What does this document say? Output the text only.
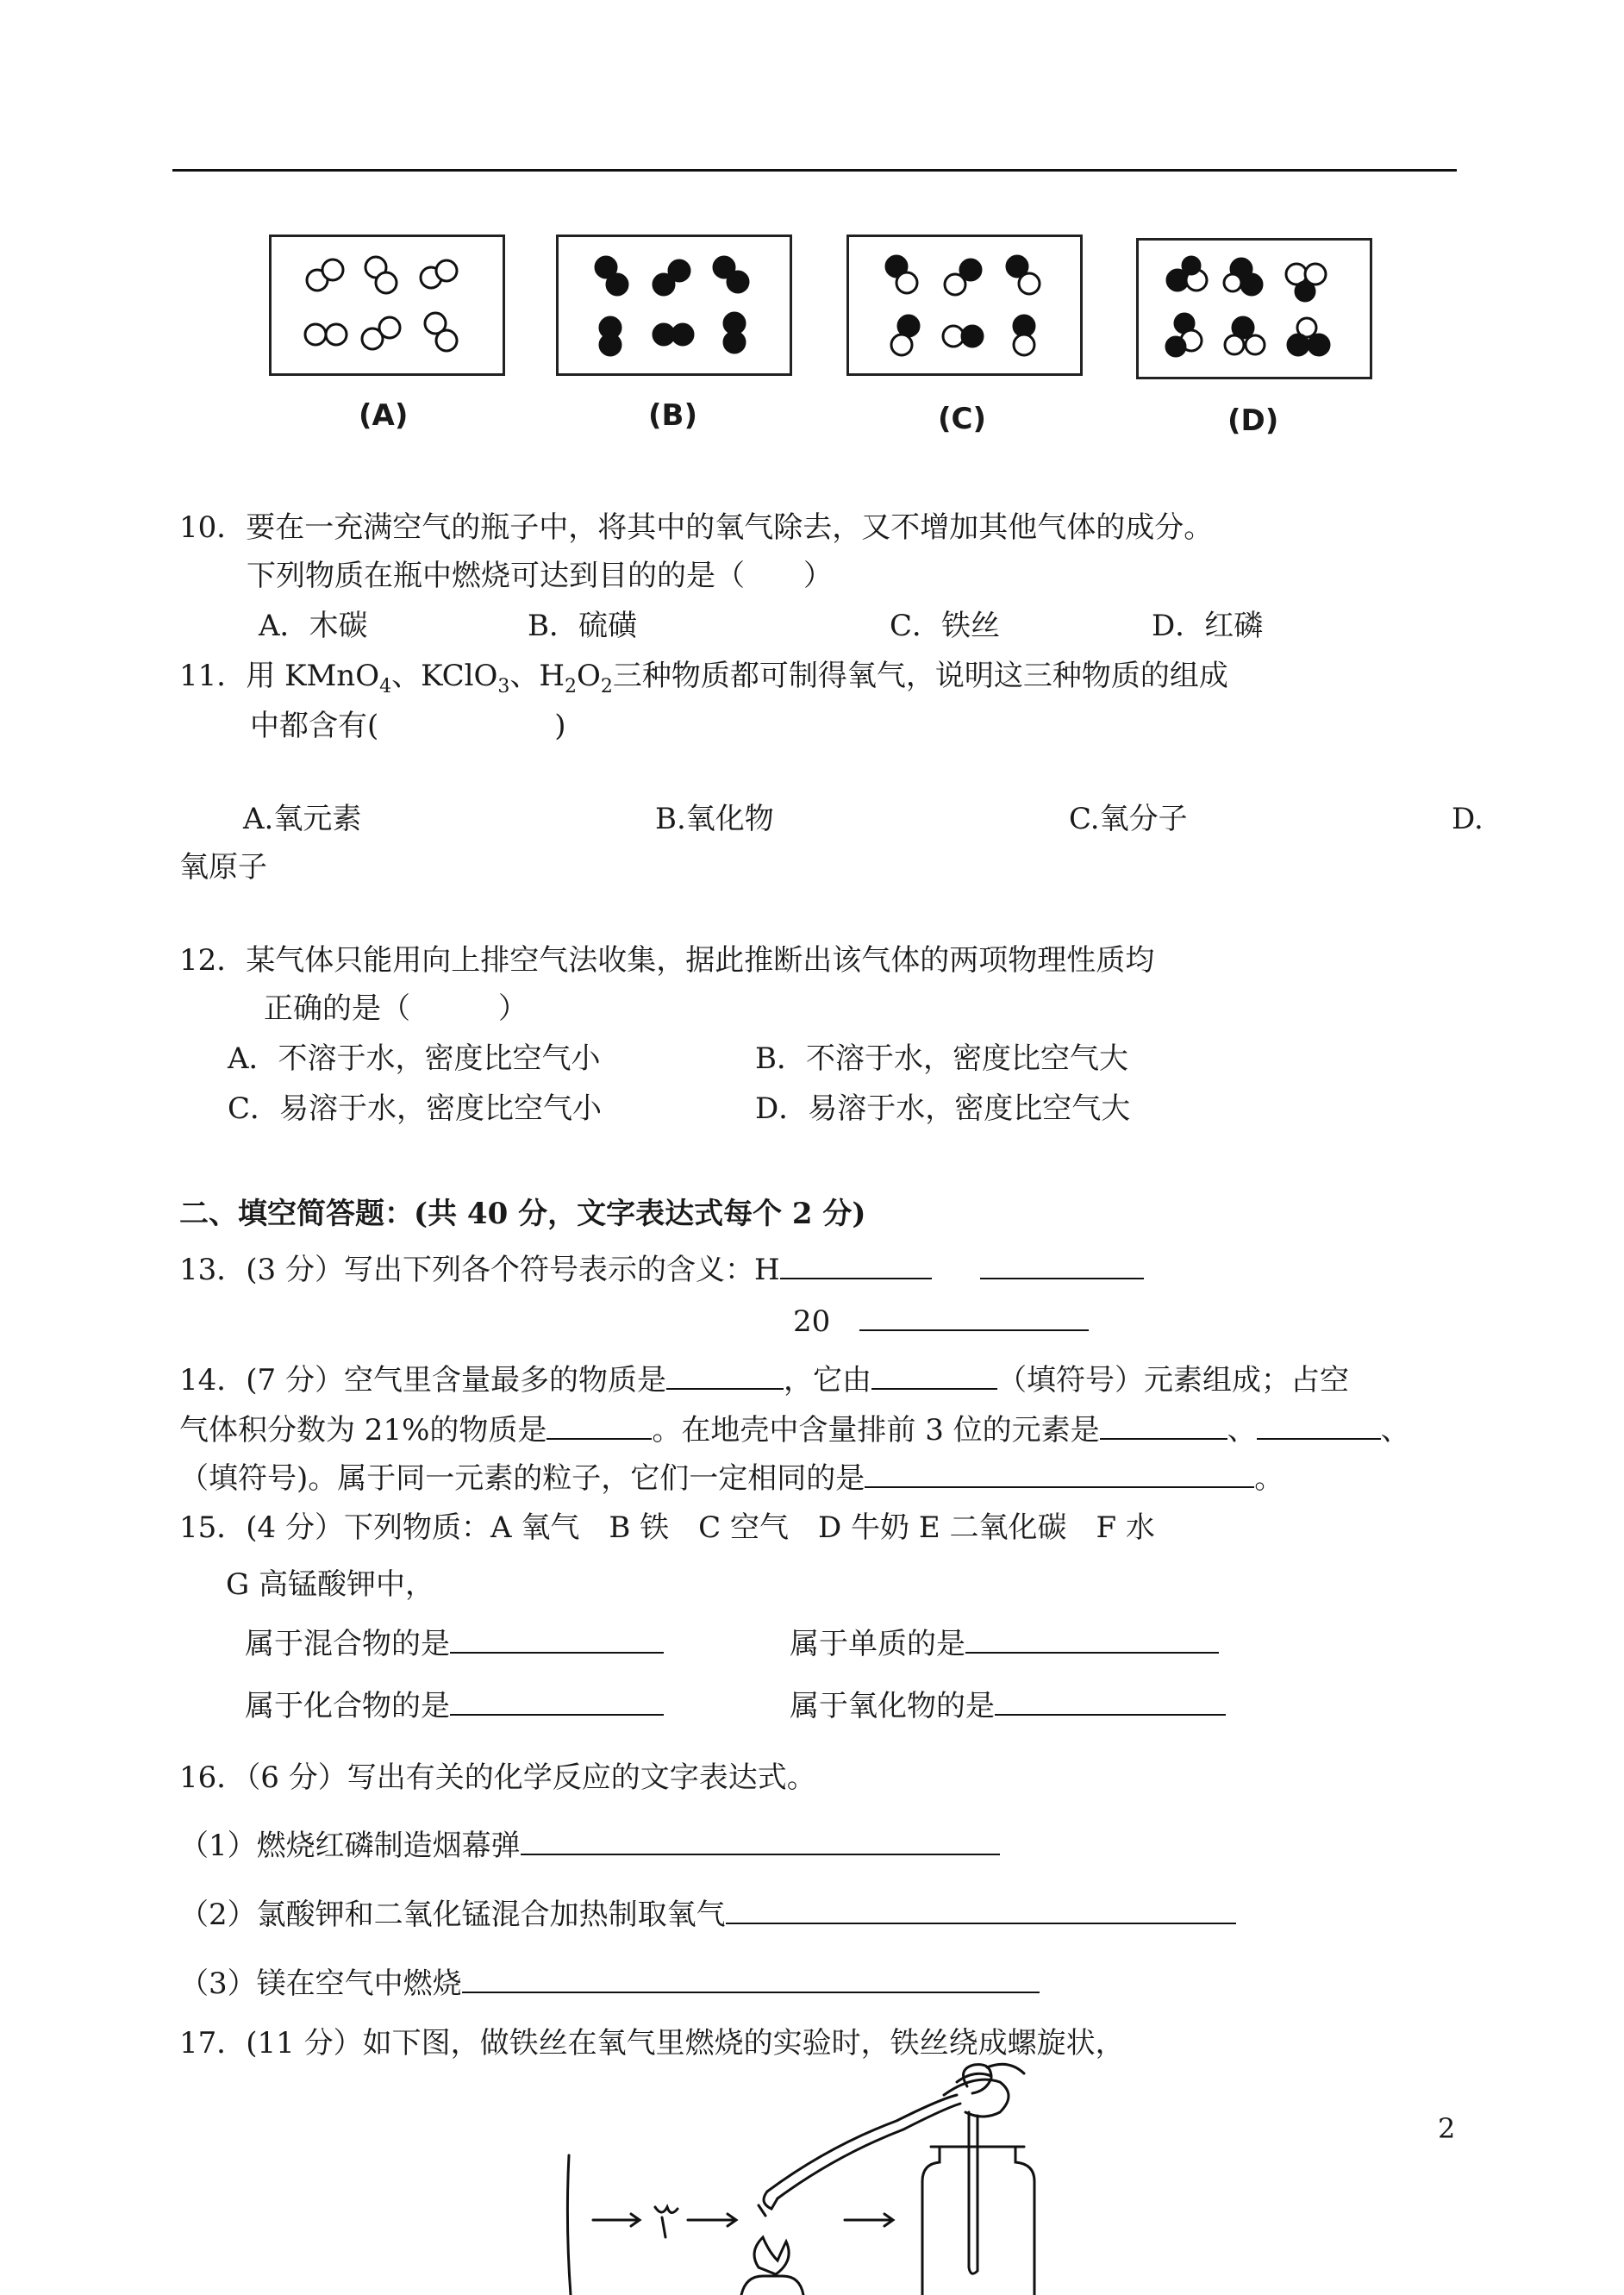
(A)	(B)	(C)	(D)
10．要在一充满空气的瓶子中，将其中的氧气除去，又不增加其他气体的成分。
下列物质在瓶中燃烧可达到目的的是（　　）
A．木碳	B．硫磺	C．铁丝	D．红磷
11．用 KMnO$_4$、KClO$_3$、$H_2O_2$三种物质都可制得氧气，说明这三种物质的组成
中都含有(　　　　　　)
A.氧元素	B.氧化物	C.氧分子	D.
氧原子
12．某气体只能用向上排空气法收集，据此推断出该气体的两项物理性质均
正确的是（　　　）
A．不溶于水，密度比空气小	B．不溶于水，密度比空气大
C．易溶于水，密度比空气小	D．易溶于水，密度比空气大
二、填空简答题：(共 40 分，文字表达式每个 2 分)
13．(3 分）写出下列各个符号表示的含义：H
20
14．(7 分）空气里含量最多的物质是	，它由	（填符号）元素组成；占空
气体积分数为 21%的物质是	。在地壳中含量排前 3 位的元素是	、	、
（填符号)。属于同一元素的粒子，它们一定相同的是	。
15．(4 分）下列物质：A 氧气　B 铁　C 空气　D 牛奶 E 二氧化碳　F 水
G 高锰酸钾中，
属于混合物的是	属于单质的是
属于化合物的是	属于氧化物的是
16．（6 分）写出有关的化学反应的文字表达式。
（1）燃烧红磷制造烟幕弹
（2）氯酸钾和二氧化锰混合加热制取氧气
（3）镁在空气中燃烧
17．(11 分）如下图，做铁丝在氧气里燃烧的实验时，铁丝绕成螺旋状，
2
